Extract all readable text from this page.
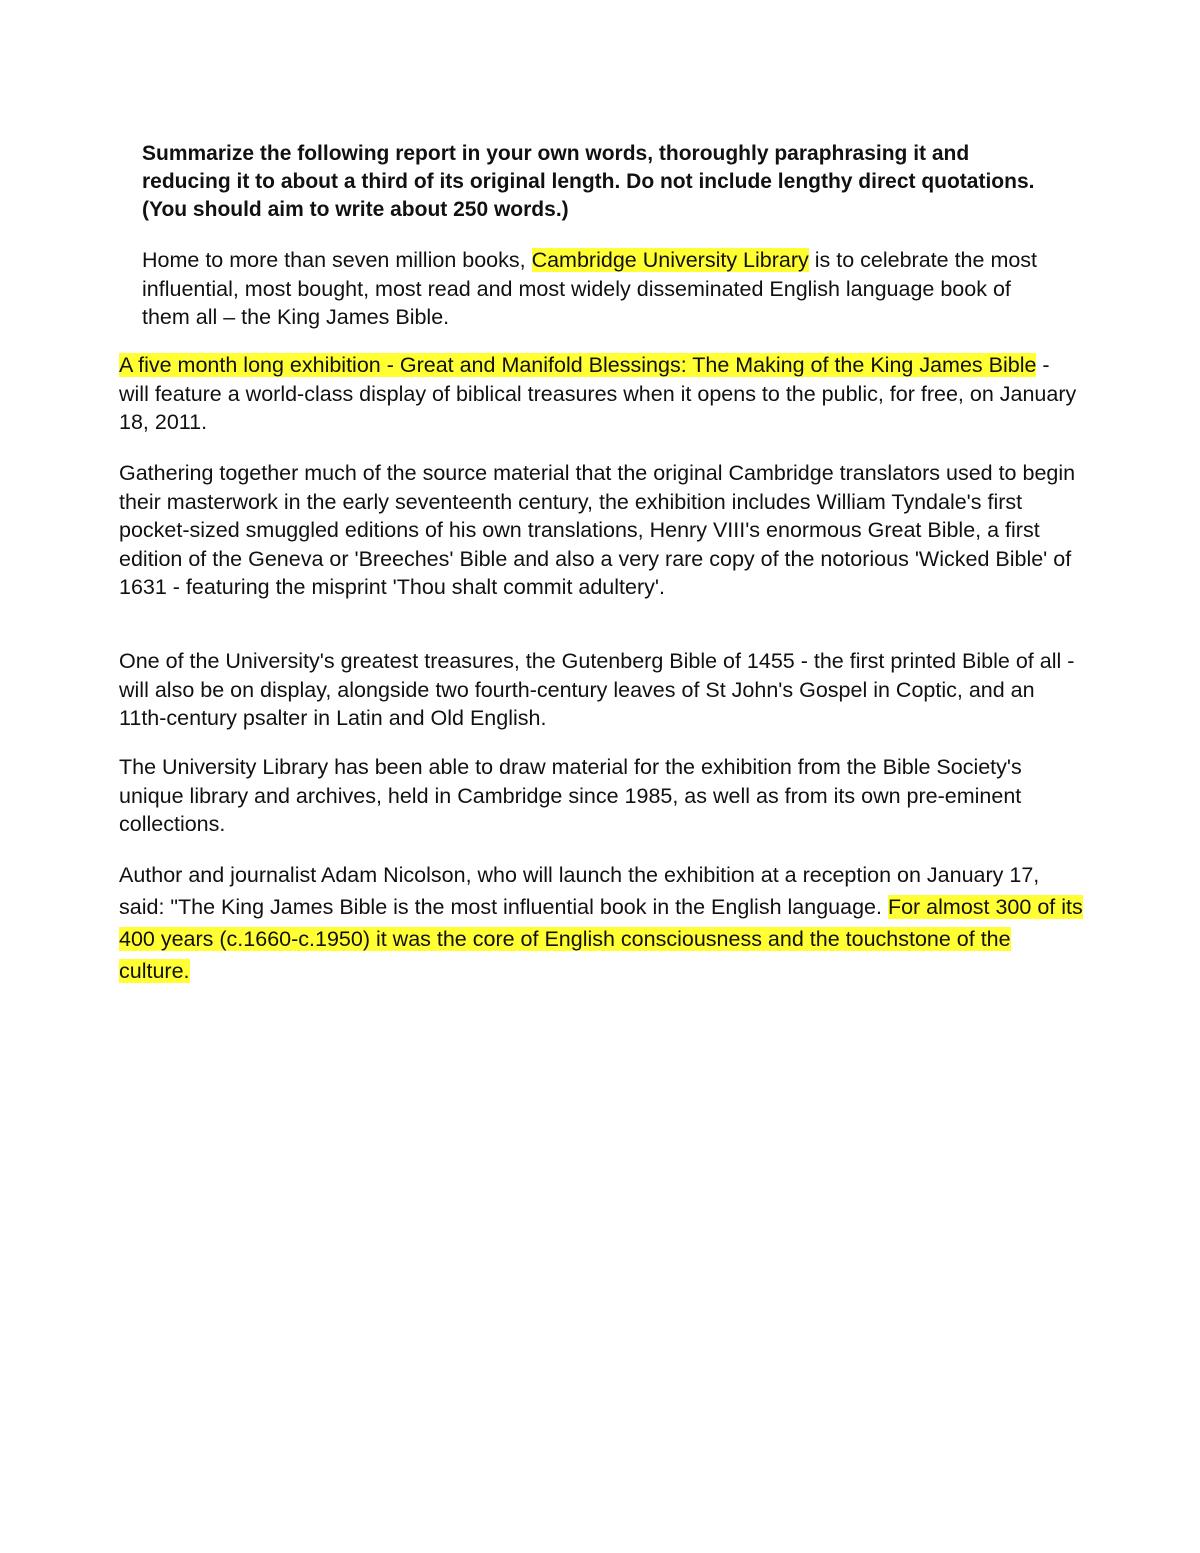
Summarize the following report in your own words, thoroughly paraphrasing it and reducing it to about a third of its original length. Do not include lengthy direct quotations.(You should aim to write about 250 words.)

Home to more than seven million books, Cambridge University Library is to celebrate the most influential, most bought, most read and most widely disseminated English language book of them all – the King James Bible.

A five month long exhibition - Great and Manifold Blessings: The Making of the King James Bible - will feature a world-class display of biblical treasures when it opens to the public, for free, on January 18, 2011.

Gathering together much of the source material that the original Cambridge translators used to begin their masterwork in the early seventeenth century, the exhibition includes William Tyndale's first pocket-sized smuggled editions of his own translations, Henry VIII's enormous Great Bible, a first edition of the Geneva or 'Breeches' Bible and also a very rare copy of the notorious 'Wicked Bible' of 1631 - featuring the misprint 'Thou shalt commit adultery'.

One of the University's greatest treasures, the Gutenberg Bible of 1455 - the first printed Bible of all - will also be on display, alongside two fourth-century leaves of St John's Gospel in Coptic, and an 11th-century psalter in Latin and Old English.

The University Library has been able to draw material for the exhibition from the Bible Society's unique library and archives, held in Cambridge since 1985, as well as from its own pre-eminent collections.

Author and journalist Adam Nicolson, who will launch the exhibition at a reception on January 17, said: "The King James Bible is the most influential book in the English language. For almost 300 of its 400 years (c.1660-c.1950) it was the core of English consciousness and the touchstone of the culture.
